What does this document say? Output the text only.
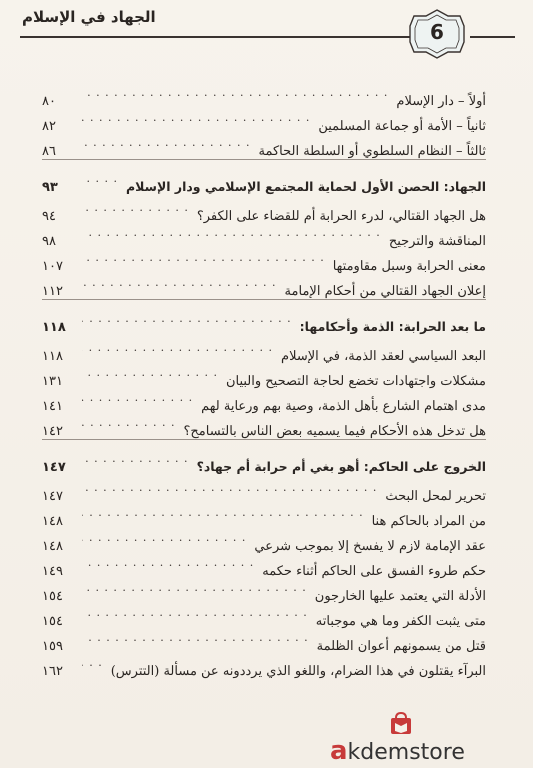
الجهاد في الإسلام
6
أولاً – دار الإسلام
. . .
٨٠
ثانياً – الأمة أو جماعة المسلمين
. . .
٨٢
ثالثاً – النظام السلطوي أو السلطة الحاكمة
. . .
٨٦
الجهاد: الحصن الأول لحماية المجتمع الإسلامي ودار الإسلام
. . .
٩٣
هل الجهاد القتالي، لدرء الحرابة أم للقضاء على الكفر؟
. . .
٩٤
المناقشة والترجيح
. . .
٩٨
معنى الحرابة وسبل مقاومتها
. . .
١٠٧
إعلان الجهاد القتالي من أحكام الإمامة
. . .
١١٢
ما بعد الحرابة: الذمة وأحكامها:
. . .
١١٨
البعد السياسي لعقد الذمة، في الإسلام
. . .
١١٨
مشكلات واجتهادات تخضع لحاجة التصحيح والبيان
. . .
١٣١
مدى اهتمام الشارع بأهل الذمة، وصية بهم ورعاية لهم
. . .
١٤١
هل تدخل هذه الأحكام فيما يسميه بعض الناس بالتسامح؟
. . .
١٤٢
الخروج على الحاكم: أهو بغي أم حرابة أم جهاد؟
. . .
١٤٧
تحرير لمحل البحث
. . .
١٤٧
من المراد بالحاكم هنا
. . .
١٤٨
عقد الإمامة لازم لا يفسخ إلا بموجب شرعي
. . .
١٤٨
حكم طروء الفسق على الحاكم أثناء حكمه
. . .
١٤٩
الأدلة التي يعتمد عليها الخارجون
. . .
١٥٤
متى يثبت الكفر وما هي موجباته
. . .
١٥٤
قتل من يسمونهم أعوان الظلمة
. . .
١٥٩
البرآء يقتلون في هذا الضرام، واللغو الذي يرددونه عن مسألة (التترس)
. . .
١٦٢
akdemstore
